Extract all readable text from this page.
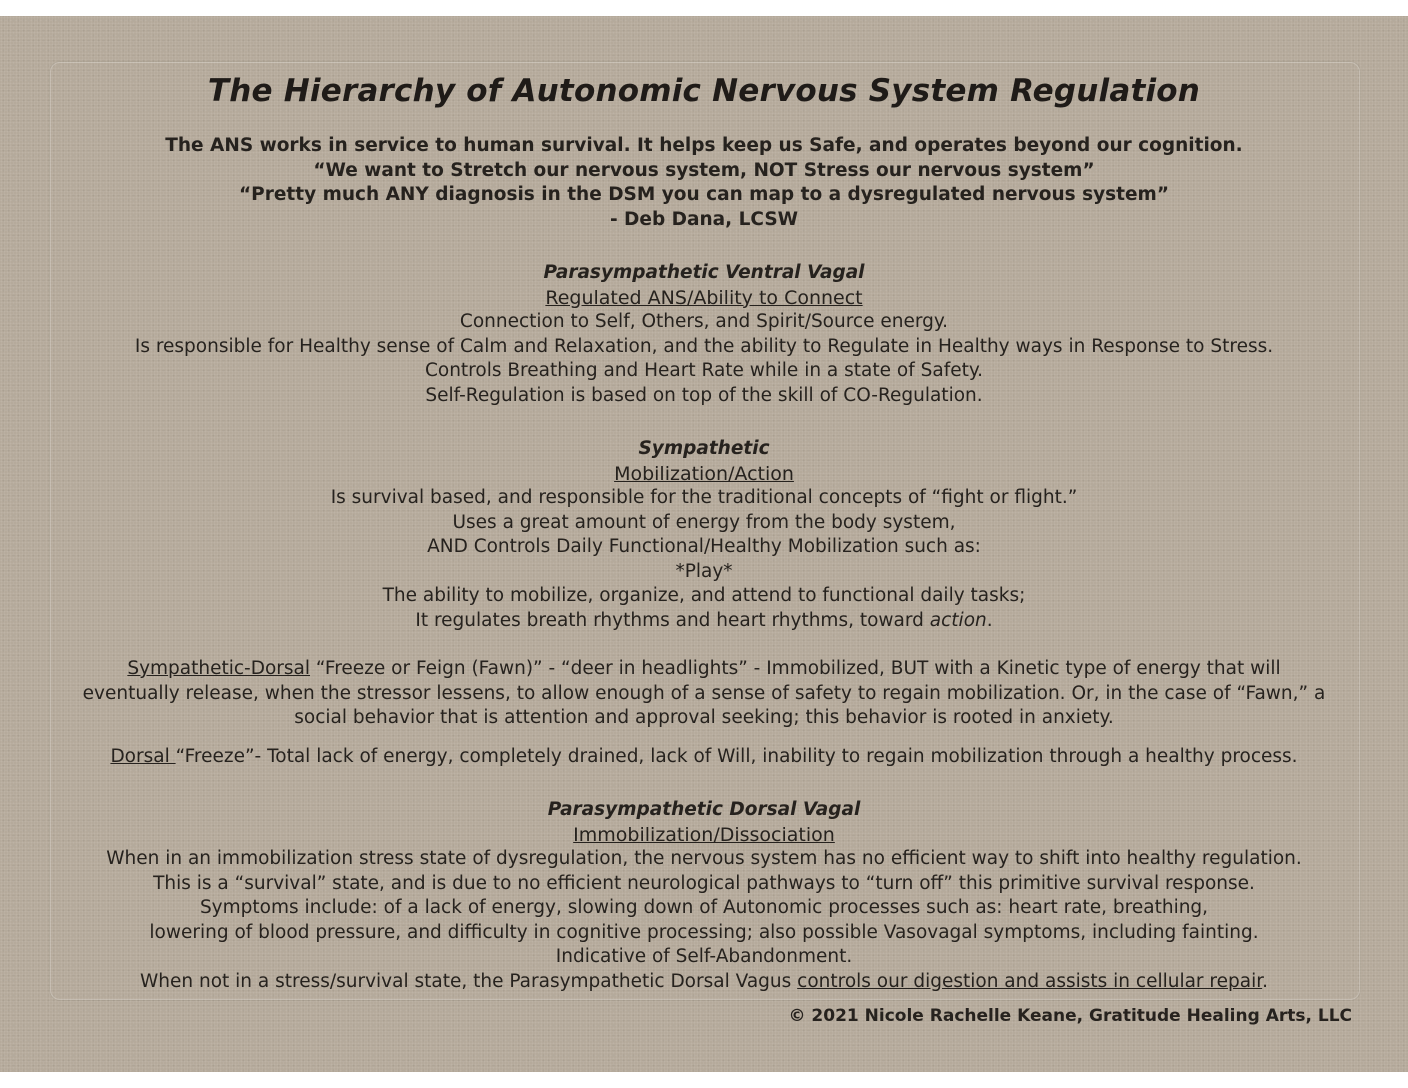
The Hierarchy of Autonomic Nervous System Regulation
The ANS works in service to human survival. It helps keep us Safe, and operates beyond our cognition.
“We want to Stretch our nervous system, NOT Stress our nervous system”
“Pretty much ANY diagnosis in the DSM you can map to a dysregulated nervous system”
- Deb Dana, LCSW
Parasympathetic Ventral Vagal
Regulated ANS/Ability to Connect
Connection to Self, Others, and Spirit/Source energy.
Is responsible for Healthy sense of Calm and Relaxation, and the ability to Regulate in Healthy ways in Response to Stress.
Controls Breathing and Heart Rate while in a state of Safety.
Self-Regulation is based on top of the skill of CO-Regulation.
Sympathetic
Mobilization/Action
Is survival based, and responsible for the traditional concepts of “fight or flight.”
Uses a great amount of energy from the body system,
AND Controls Daily Functional/Healthy Mobilization such as:
*Play*
The ability to mobilize, organize, and attend to functional daily tasks;
It regulates breath rhythms and heart rhythms, toward action.
Sympathetic-Dorsal “Freeze or Feign (Fawn)” - “deer in headlights” - Immobilized, BUT with a Kinetic type of energy that will eventually release, when the stressor lessens, to allow enough of a sense of safety to regain mobilization. Or, in the case of “Fawn,” a social behavior that is attention and approval seeking; this behavior is rooted in anxiety.
Dorsal “Freeze”- Total lack of energy, completely drained, lack of Will, inability to regain mobilization through a healthy process.
Parasympathetic Dorsal Vagal
Immobilization/Dissociation
When in an immobilization stress state of dysregulation, the nervous system has no efficient way to shift into healthy regulation.
This is a “survival” state, and is due to no efficient neurological pathways to “turn off” this primitive survival response.
Symptoms include: of a lack of energy, slowing down of Autonomic processes such as: heart rate, breathing,
lowering of blood pressure, and difficulty in cognitive processing; also possible Vasovagal symptoms, including fainting.
Indicative of Self-Abandonment.
When not in a stress/survival state, the Parasympathetic Dorsal Vagus controls our digestion and assists in cellular repair.
© 2021 Nicole Rachelle Keane, Gratitude Healing Arts, LLC
